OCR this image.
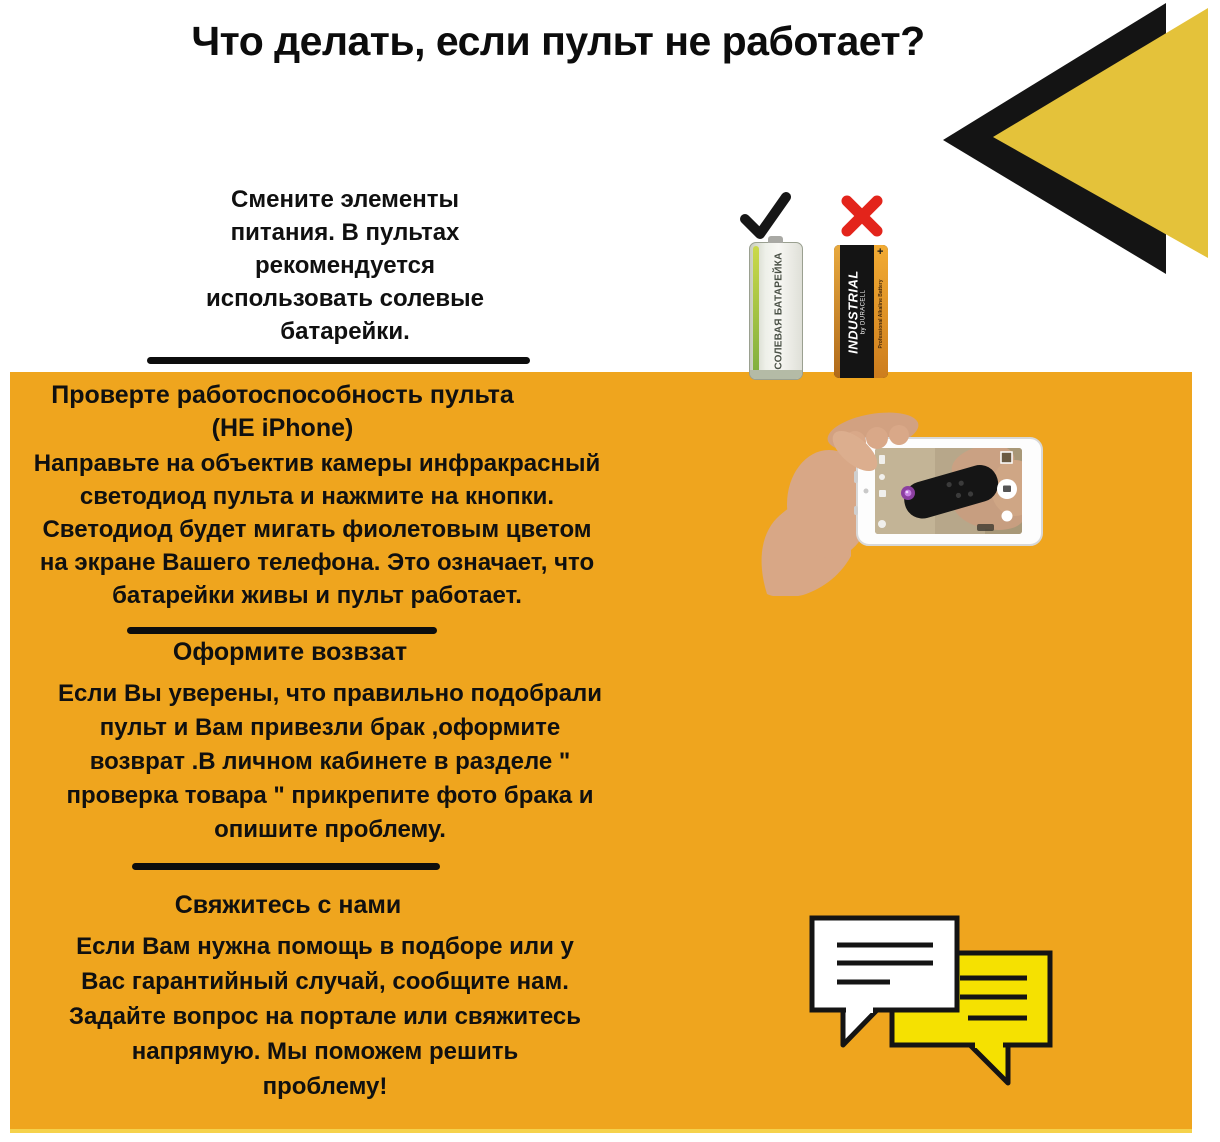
Что делать, если пульт не работает?
Смените элементы
питания. В пультах
рекомендуется
использовать солевые
батарейки.	СОЛЕВАЯ БАТАРЕЙКА
+
Professional Alkaline Battery
INDUSTRIAL by DURACELL
Проверте работоспособность пульта
(НЕ iPhone)
Направьте на объектив камеры инфракрасный
светодиод пульта и нажмите на кнопки.
Светодиод будет мигать фиолетовым цветом
на экране Вашего телефона. Это означает, что
батарейки живы и пульт работает.
Оформите возвзат
Если Вы уверены, что правильно подобрали
пульт и Вам привезли брак ,оформите
возврат .В личном кабинете в разделе "
проверка товара " прикрепите фото брака и
опишите проблему.
Свяжитесь с нами
Если Вам нужна помощь в подборе или у
Вас гарантийный случай, сообщите нам.
Задайте вопрос на портале или свяжитесь
напрямую. Мы поможем решить
проблему!
